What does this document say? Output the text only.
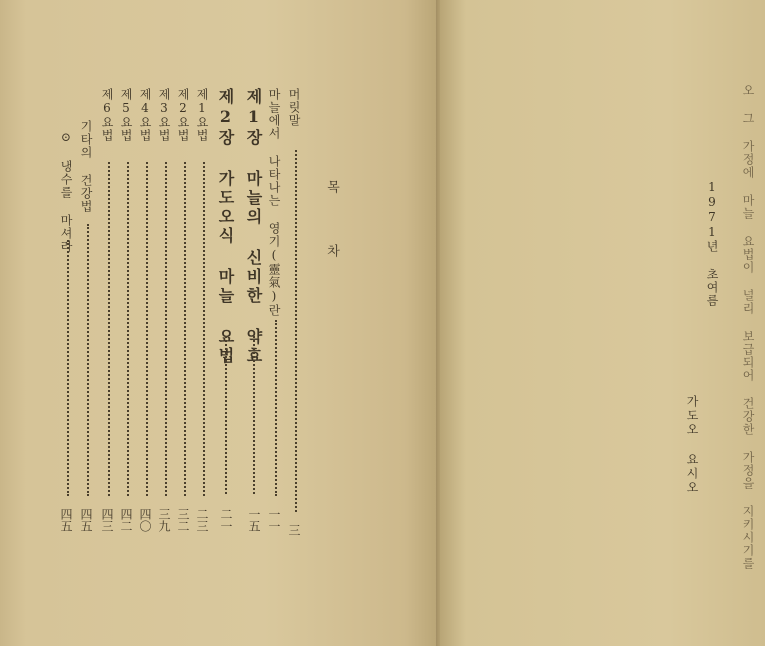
목 차
머릿말
三
마늘에서 나타나는 영기(靈氣)란
一一
제1장 마늘의 신비한 약효
一五
제2장 가도오식 마늘 요법
二一
제1요법
二三
제2요법
三二
제3요법
三九
제4요법
四〇
제5요법
四二
제6요법
四三
기타의 건강법
四五
⊙ 냉수를 마셔라
四五	오 그 가정에 마늘 요법이 널리 보급되어 건강한 가정을 지키시기를
1971년 초여름
가도오 요시오
